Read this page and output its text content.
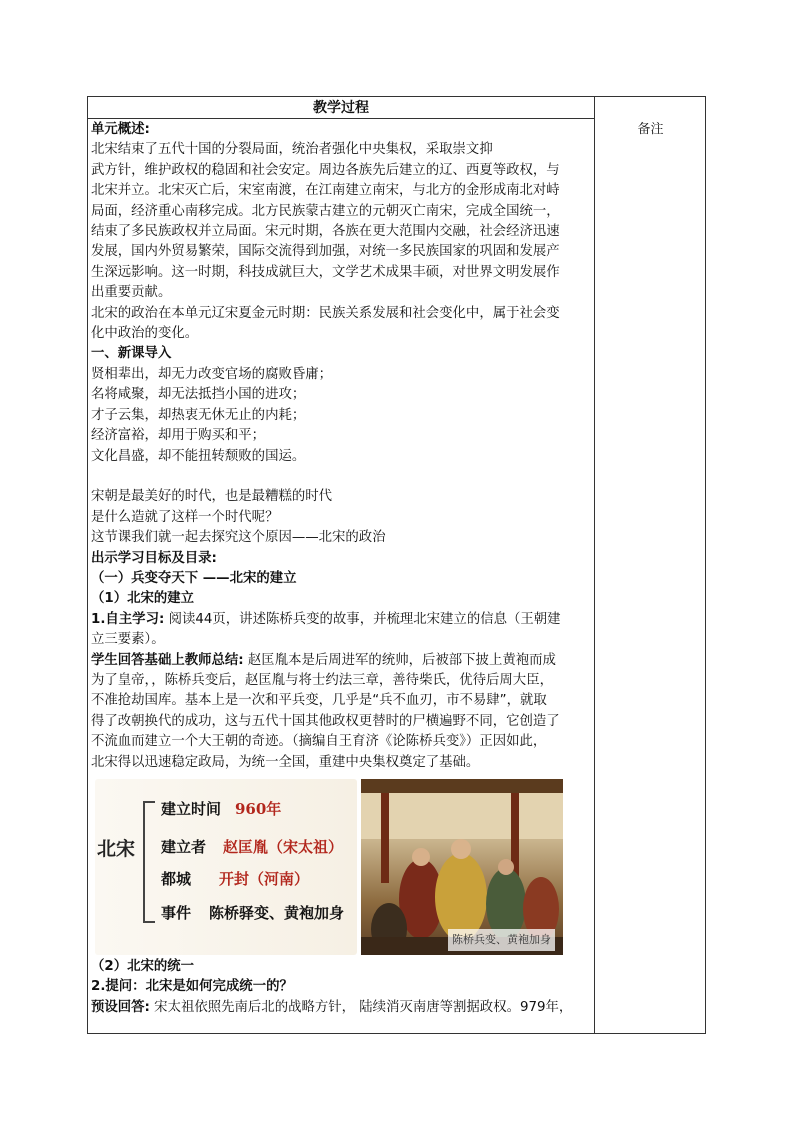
教学过程
备注

单元概述:

北宋结束了五代十国的分裂局面，统治者强化中央集权，采取崇文抑

武方针，维护政权的稳固和社会安定。周边各族先后建立的辽、西夏等政权，与

北宋并立。北宋灭亡后，宋室南渡，在江南建立南宋，与北方的金形成南北对峙

局面，经济重心南移完成。北方民族蒙古建立的元朝灭亡南宋，完成全国统一，

结束了多民族政权并立局面。宋元时期，各族在更大范围内交融，社会经济迅速

发展，国内外贸易繁荣，国际交流得到加强，对统一多民族国家的巩固和发展产

生深远影响。这一时期，科技成就巨大，文学艺术成果丰硕，对世界文明发展作

出重要贡献。

北宋的政治在本单元辽宋夏金元时期：民族关系发展和社会变化中，属于社会变

化中政治的变化。

一、新课导入

贤相辈出，却无力改变官场的腐败昏庸；

名将咸聚，却无法抵挡小国的进攻；

才子云集，却热衷无休无止的内耗；

经济富裕，却用于购买和平；

文化昌盛，却不能扭转颓败的国运。

宋朝是最美好的时代，也是最糟糕的时代

是什么造就了这样一个时代呢？

这节课我们就一起去探究这个原因——北宋的政治

出示学习目标及目录:

（一）兵变夺天下 ——北宋的建立

（1）北宋的建立

1.自主学习: 阅读44页，讲述陈桥兵变的故事，并梳理北宋建立的信息（王朝建

立三要素）。

学生回答基础上教师总结: 赵匡胤本是后周进军的统帅，后被部下披上黄袍而成

为了皇帝，，陈桥兵变后，赵匡胤与将士约法三章，善待柴氏，优待后周大臣，

不准抢劫国库。基本上是一次和平兵变，几乎是“兵不血刃，市不易肆”，就取

得了改朝换代的成功，这与五代十国其他政权更替时的尸横遍野不同，它创造了

不流血而建立一个大王朝的奇迹。（摘编自王育济《论陈桥兵变》）正因如此，

北宋得以迅速稳定政局，为统一全国，重建中央集权奠定了基础。

北宋
建立时间 960年
建立者 赵匡胤（宋太祖）
都城 开封（河南）
事件 陈桥驿变、黄袍加身
陈桥兵变、黄袍加身

（2）北宋的统一

2.提问：北宋是如何完成统一的？

预设回答: 宋太祖依照先南后北的战略方针， 陆续消灭南唐等割据政权。979年，
